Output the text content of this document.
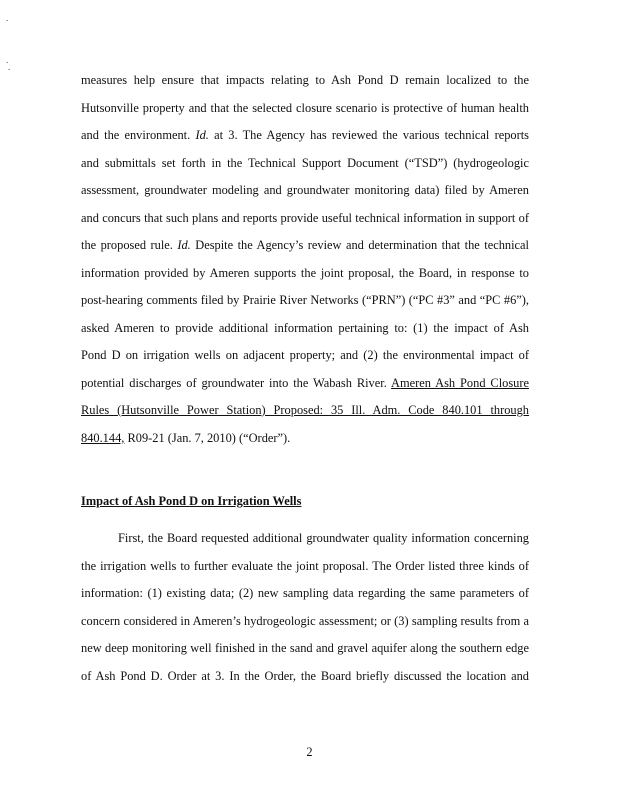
.
.
.
measures help ensure that impacts relating to Ash Pond D remain localized to the
Hutsonville property and that the selected closure scenario is protective of human health
and the environment. Id. at 3. The Agency has reviewed the various technical reports
and submittals set forth in the Technical Support Document (“TSD”) (hydrogeologic
assessment, groundwater modeling and groundwater monitoring data) filed by Ameren
and concurs that such plans and reports provide useful technical information in support of
the proposed rule. Id. Despite the Agency’s review and determination that the technical
information provided by Ameren supports the joint proposal, the Board, in response to
post-hearing comments filed by Prairie River Networks (“PRN”) (“PC #3” and “PC #6”),
asked Ameren to provide additional information pertaining to: (1) the impact of Ash
Pond D on irrigation wells on adjacent property; and (2) the environmental impact of
potential discharges of groundwater into the Wabash River. Ameren Ash Pond Closure
Rules (Hutsonville Power Station) Proposed: 35 Ill. Adm. Code 840.101 through
840.144, R09-21 (Jan. 7, 2010) (“Order”).
Impact of Ash Pond D on Irrigation Wells
First, the Board requested additional groundwater quality information concerning
the irrigation wells to further evaluate the joint proposal. The Order listed three kinds of
information: (1) existing data; (2) new sampling data regarding the same parameters of
concern considered in Ameren’s hydrogeologic assessment; or (3) sampling results from a
new deep monitoring well finished in the sand and gravel aquifer along the southern edge
of Ash Pond D. Order at 3. In the Order, the Board briefly discussed the location and
2
